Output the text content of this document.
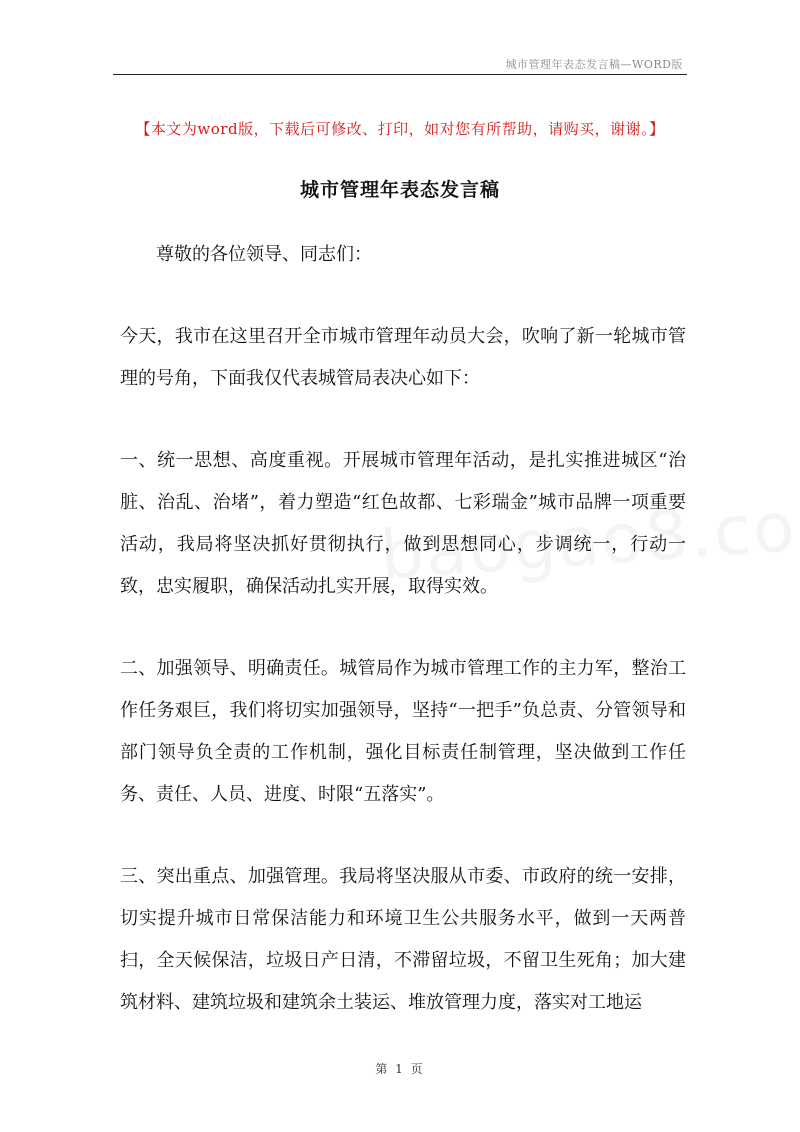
城市管理年表态发言稿—WORD版
【本文为word版，下载后可修改、打印，如对您有所帮助，请购买，谢谢。】
城市管理年表态发言稿

尊敬的各位领导、同志们：

今天，我市在这里召开全市城市管理年动员大会，吹响了新一轮城市管理的号角，下面我仅代表城管局表决心如下：

一、统一思想、高度重视。开展城市管理年活动，是扎实推进城区“治脏、治乱、治堵”，着力塑造“红色故都、七彩瑞金”城市品牌一项重要活动，我局将坚决抓好贯彻执行，做到思想同心，步调统一，行动一致，忠实履职，确保活动扎实开展，取得实效。

二、加强领导、明确责任。城管局作为城市管理工作的主力军，整治工作任务艰巨，我们将切实加强领导，坚持“一把手”负总责、分管领导和部门领导负全责的工作机制，强化目标责任制管理，坚决做到工作任务、责任、人员、进度、时限“五落实”。

三、突出重点、加强管理。我局将坚决服从市委、市政府的统一安排，切实提升城市日常保洁能力和环境卫生公共服务水平，做到一天两普扫，全天候保洁，垃圾日产日清，不滞留垃圾，不留卫生死角；加大建筑材料、建筑垃圾和建筑余土装运、堆放管理力度，落实对工地运

第 1 页
